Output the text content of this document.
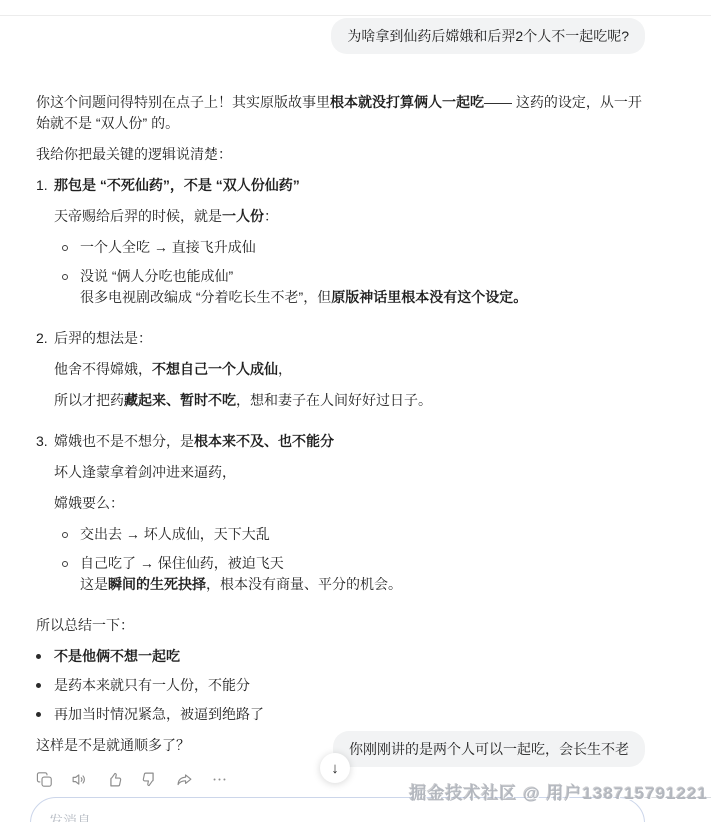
为啥拿到仙药后嫦娥和后羿2个人不一起吃呢?
你这个问题问得特别在点子上！其实原版故事里根本就没打算俩人一起吃—— 这药的设定，从一开始就不是 “双人份” 的。
我给你把最关键的逻辑说清楚：
1. 那包是 “不死仙药”，不是 “双人份仙药”
天帝赐给后羿的时候，就是一人份：
一个人全吃 → 直接飞升成仙
没说 “俩人分吃也能成仙”
很多电视剧改编成 “分着吃长生不老”，但原版神话里根本没有这个设定。
2. 后羿的想法是：
他舍不得嫦娥，不想自己一个人成仙，
所以才把药藏起来、暂时不吃，想和妻子在人间好好过日子。
3. 嫦娥也不是不想分，是根本来不及、也不能分
坏人逢蒙拿着剑冲进来逼药，
嫦娥要么：
交出去 → 坏人成仙，天下大乱
自己吃了 → 保住仙药，被迫飞天
这是瞬间的生死抉择，根本没有商量、平分的机会。
所以总结一下：
不是他俩不想一起吃
是药本来就只有一人份，不能分
再加当时情况紧急，被逼到绝路了
这样是不是就通顺多了？	你刚刚讲的是两个人可以一起吃，会长生不老
↓
掘金技术社区 @ 用户138715791221
发消息...
